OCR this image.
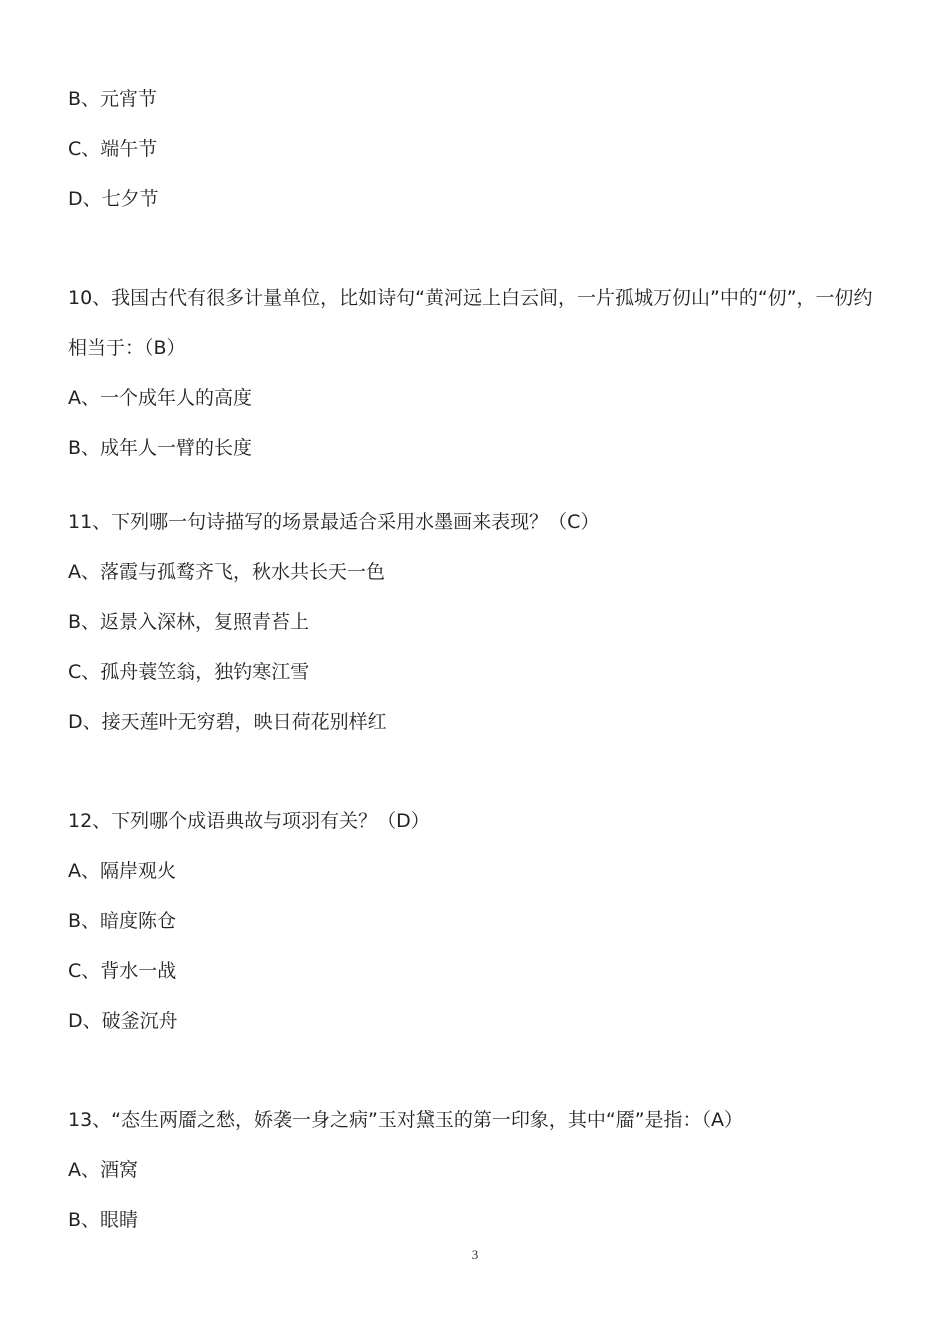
B、元宵节
C、端午节
D、七夕节
10、我国古代有很多计量单位，比如诗句“黄河远上白云间，一片孤城万仞山”中的“仞”，一仞约
相当于：（B）
A、一个成年人的高度
B、成年人一臂的长度
11、下列哪一句诗描写的场景最适合采用水墨画来表现？（C）
A、落霞与孤鹜齐飞，秋水共长天一色
B、返景入深林，复照青苔上
C、孤舟蓑笠翁，独钓寒江雪
D、接天莲叶无穷碧，映日荷花别样红
12、下列哪个成语典故与项羽有关？（D）
A、隔岸观火
B、暗度陈仓
C、背水一战
D、破釜沉舟
13、“态生两靥之愁，娇袭一身之病”玉对黛玉的第一印象，其中“靥”是指：（A）
A、酒窝
B、眼睛
3
